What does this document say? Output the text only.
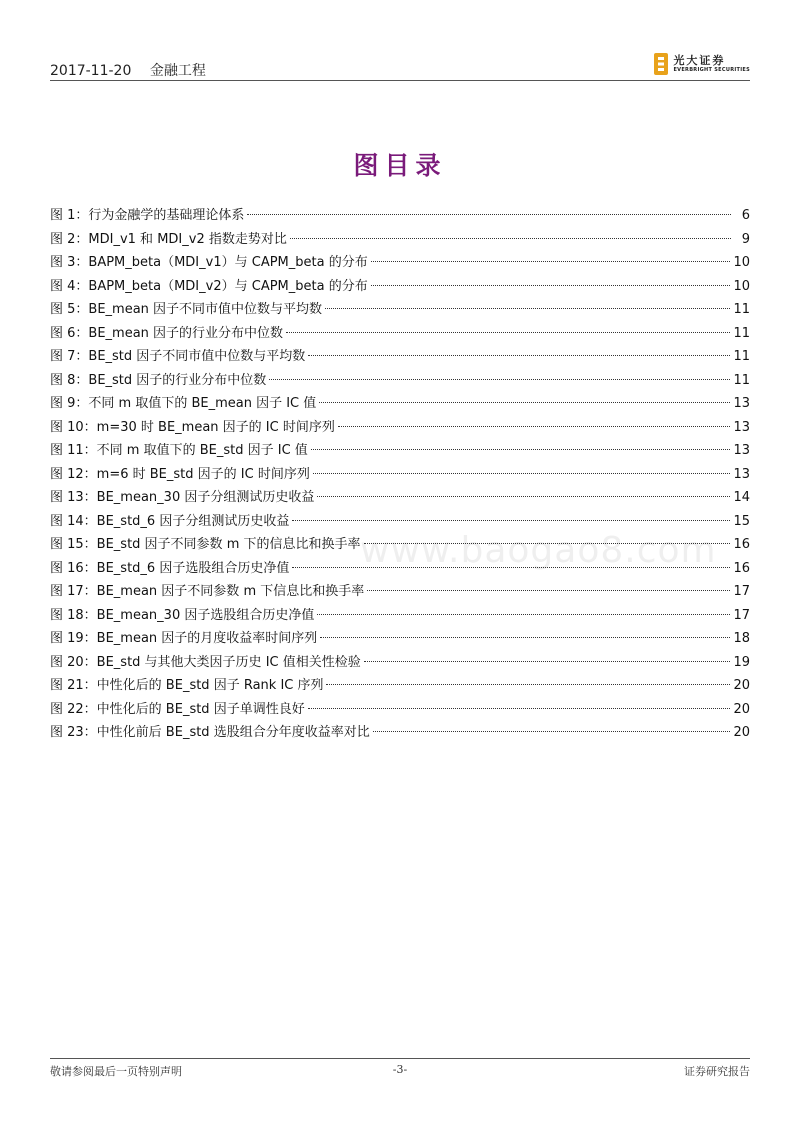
2017-11-20 金融工程
光大证券
EVERBRIGHT SECURITIES
图目录
www.baogao8.com
图 1：行为金融学的基础理论体系	6
图 2：MDI_v1 和 MDI_v2 指数走势对比	9
图 3：BAPM_beta（MDI_v1）与 CAPM_beta 的分布	10
图 4：BAPM_beta（MDI_v2）与 CAPM_beta 的分布	10
图 5：BE_mean 因子不同市值中位数与平均数	11
图 6：BE_mean 因子的行业分布中位数	11
图 7：BE_std 因子不同市值中位数与平均数	11
图 8：BE_std 因子的行业分布中位数	11
图 9：不同 m 取值下的 BE_mean 因子 IC 值	13
图 10：m=30 时 BE_mean 因子的 IC 时间序列	13
图 11：不同 m 取值下的 BE_std 因子 IC 值	13
图 12：m=6 时 BE_std 因子的 IC 时间序列	13
图 13：BE_mean_30 因子分组测试历史收益	14
图 14：BE_std_6 因子分组测试历史收益	15
图 15：BE_std 因子不同参数 m 下的信息比和换手率	16
图 16：BE_std_6 因子选股组合历史净值	16
图 17：BE_mean 因子不同参数 m 下信息比和换手率	17
图 18：BE_mean_30 因子选股组合历史净值	17
图 19：BE_mean 因子的月度收益率时间序列	18
图 20：BE_std 与其他大类因子历史 IC 值相关性检验	19
图 21：中性化后的 BE_std 因子 Rank IC 序列	20
图 22：中性化后的 BE_std 因子单调性良好	20
图 23：中性化前后 BE_std 选股组合分年度收益率对比	20
敬请参阅最后一页特别声明	-3-	证券研究报告
